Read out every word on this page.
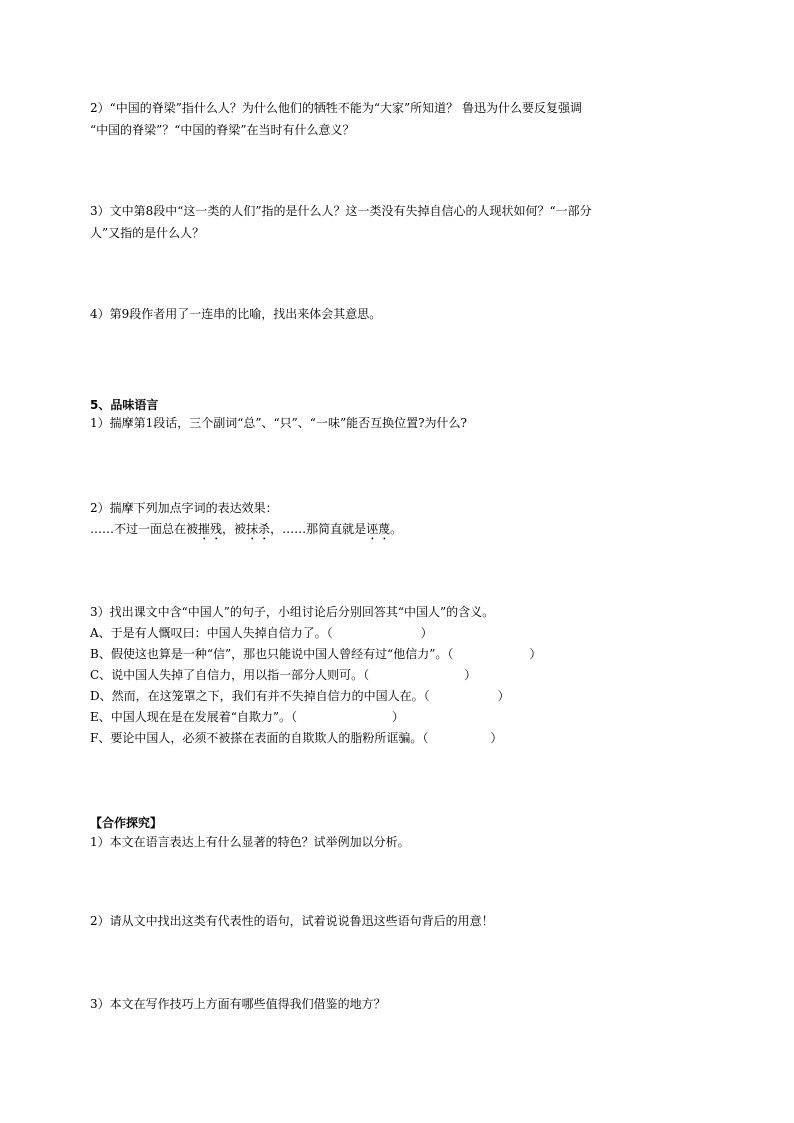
2）“中国的脊梁”指什么人？为什么他们的牺牲不能为“大家”所知道？ 鲁迅为什么要反复强调
“中国的脊梁”？“中国的脊梁”在当时有什么意义？
3）文中第8段中“这一类的人们”指的是什么人？这一类没有失掉自信心的人现状如何？“一部分
人”又指的是什么人？
4）第9段作者用了一连串的比喻，找出来体会其意思。
5、品味语言
1）揣摩第1段话，三个副词“总”、“只”、“一味”能否互换位置?为什么?
2）揣摩下列加点字词的表达效果：
……不过一面总在被摧残，被抹杀，……那简直就是诬蔑。
3）找出课文中含“中国人”的句子，小组讨论后分别回答其“中国人”的含义。
A、于是有人慨叹曰：中国人失掉自信力了。（	）
B、假使这也算是一种“信”，那也只能说中国人曾经有过“他信力”。（	）
C、说中国人失掉了自信力，用以指一部分人则可。（	）
D、然而，在这笼罩之下，我们有并不失掉自信力的中国人在。（	）
E、中国人现在是在发展着“自欺力”。（	）
F、要论中国人，必须不被搽在表面的自欺欺人的脂粉所诓骗。（	）
【合作探究】
1）本文在语言表达上有什么显著的特色？试举例加以分析。
2）请从文中找出这类有代表性的语句，试着说说鲁迅这些语句背后的用意！
3）本文在写作技巧上方面有哪些值得我们借鉴的地方？
